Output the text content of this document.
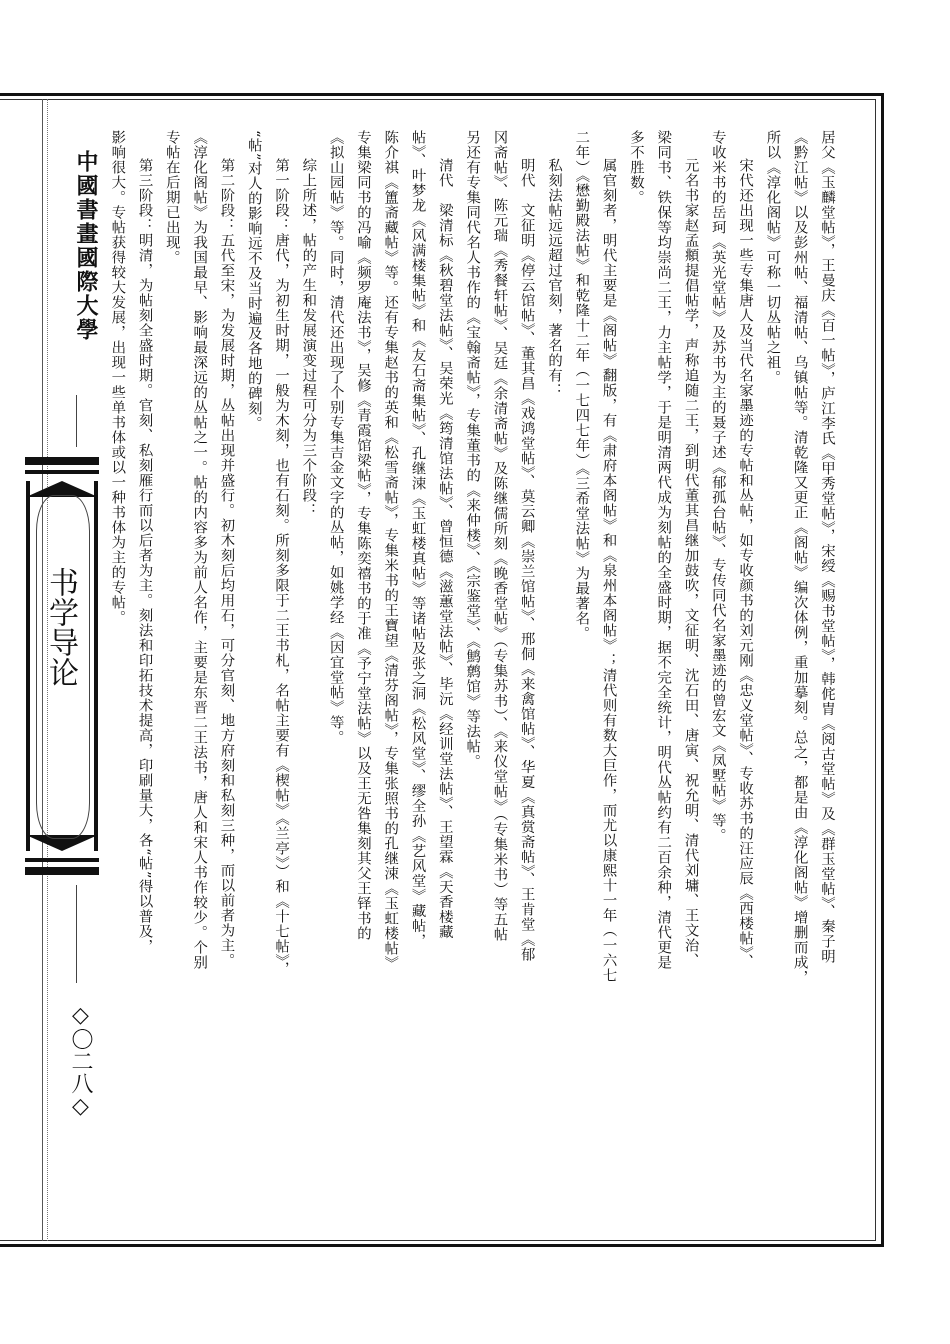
中國書畫國際大學
书学导论
◇〇二八◇
居父《玉麟堂帖》，王曼庆《百一帖》，庐江李氏《甲秀堂帖》，宋绶《赐书堂帖》，韩侂胄《阅古堂帖》及《群玉堂帖》、秦子明
《黔江帖》以及彭州帖、福清帖、乌镇帖等。清乾隆又更正《阁帖》编次体例，重加摹刻。总之，都是由《淳化阁帖》增删而成，
所以《淳化阁帖》可称一切丛帖之祖。
宋代还出现一些专集唐人及当代名家墨迹的专帖和丛帖，如专收颜书的刘元刚《忠义堂帖》、专收苏书的汪应辰《西楼帖》、
专收米书的岳珂《英光堂帖》及苏书为主的聂子述《郁孤台帖》、专传同代名家墨迹的曾宏文《凤墅帖》等。
元名书家赵孟頫提倡帖学，声称追随二王，到明代董其昌继加鼓吹，文征明、沈石田、唐寅、祝允明、清代刘墉、王文治、
梁同书、铁保等均崇尚二王，力主帖学，于是明清两代成为刻帖的全盛时期，据不完全统计，明代丛帖约有二百余种，清代更是
多不胜数。
属官刻者，明代主要是《阁帖》翻版，有《肃府本阁帖》和《泉州本阁帖》；清代则有数大巨作，而尤以康熙十一年（一六七
二年）《懋勤殿法帖》和乾隆十二年（一七四七年）《三希堂法帖》为最著名。
私刻法帖远远超过官刻，著名的有：
明代　文征明《停云馆帖》、董其昌《戏鸿堂帖》、莫云卿《崇兰馆帖》、邢侗《来禽馆帖》、华夏《真赏斋帖》、王肯堂《郁
冈斋帖》、陈元瑞《秀餐轩帖》、吴廷《余清斋帖》及陈继儒所刻《晚香堂帖》（专集苏书）、《来仪堂帖》（专集米书）等五帖
另还有专集同代名人书作的《宝翰斋帖》，专集董书的《来仲楼》、《宗鉴堂》、《鹪鹩馆》等法帖。
清代　梁清标《秋碧堂法帖》、吴荣光《筠清馆法帖》、曾恒德《滋蕙堂法帖》、毕沅《经训堂法帖》、王望霖《天香楼藏
帖》、叶梦龙《风满楼集帖》和《友石斋集帖》、孔继涑《玉虹楼真帖》等诸帖及张之洞《松风堂》、缪全孙《艺风堂》藏帖，
陈介祺《簠斋藏帖》等。还有专集赵书的英和《松雪斋帖》，专集米书的王寶望《清芬阁帖》，专集张照书的孔继涑《玉虹楼帖》
专集梁同书的冯喻《频罗庵法书》，吴修《青霞馆梁帖》，专集陈奕禧书的于准《予宁堂法帖》以及王无咎集刻其父王铎书的
《拟山园帖》等。同时，清代还出现了个别专集吉金文字的丛帖，如姚学经《因宜堂帖》等。
综上所述，帖的产生和发展演变过程可分为三个阶段：
第一阶段：唐代，为初生时期，一般为木刻，也有石刻。所刻多限于二王书札，名帖主要有《楔帖》《兰亭》）和《十七帖》，
“帖”对人的影响远不及当时遍及各地的碑刻。
第二阶段：五代至宋，为发展时期，丛帖出现并盛行。初木刻后均用石，可分官刻、地方府刻和私刻三种，而以前者为主。
《淳化阁帖》为我国最早、影响最深远的丛帖之一。帖的内容多为前人名作，主要是东晋二王法书，唐人和宋人书作较少。个别
专帖在后期已出现。
第三阶段：明清，为帖刻全盛时期。官刻、私刻雁行而以后者为主。刻法和印拓技术提高，印刷量大，各“帖”得以普及，
影响很大。专帖获得较大发展，出现一些单书体或以一种书体为主的专帖。
